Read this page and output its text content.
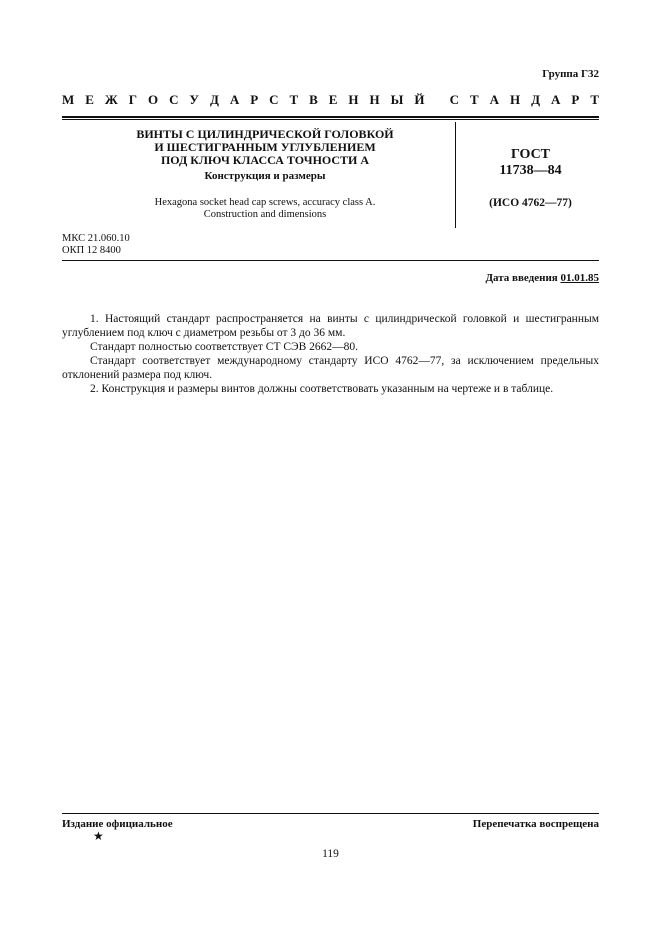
Группа Г32
М Е Ж Г О С У Д А Р С Т В Е Н Н Ы Й
С Т А Н Д А Р Т
ВИНТЫ С ЦИЛИНДРИЧЕСКОЙ ГОЛОВКОЙ
И ШЕСТИГРАННЫМ УГЛУБЛЕНИЕМ
ПОД КЛЮЧ КЛАССА ТОЧНОСТИ А
Конструкция и размеры
Hexagona socket head cap screws, accuracy class A.
Construction and dimensions
ГОСТ
11738—84
(ИСО 4762—77)
МКС 21.060.10
ОКП 12 8400
Дата введения 01.01.85

1. Настоящий стандарт распространяется на винты с цилиндрической головкой и шестигранным углублением под ключ с диаметром резьбы от 3 до 36 мм.

Стандарт полностью соответствует СТ СЭВ 2662—80.

Стандарт соответствует международному стандарту ИСО 4762—77, за исключением предельных отклонений размера под ключ.

2. Конструкция и размеры винтов должны соответствовать указанным на чертеже и в таблице.

Издание официальное
★
Перепечатка воспрещена
119
